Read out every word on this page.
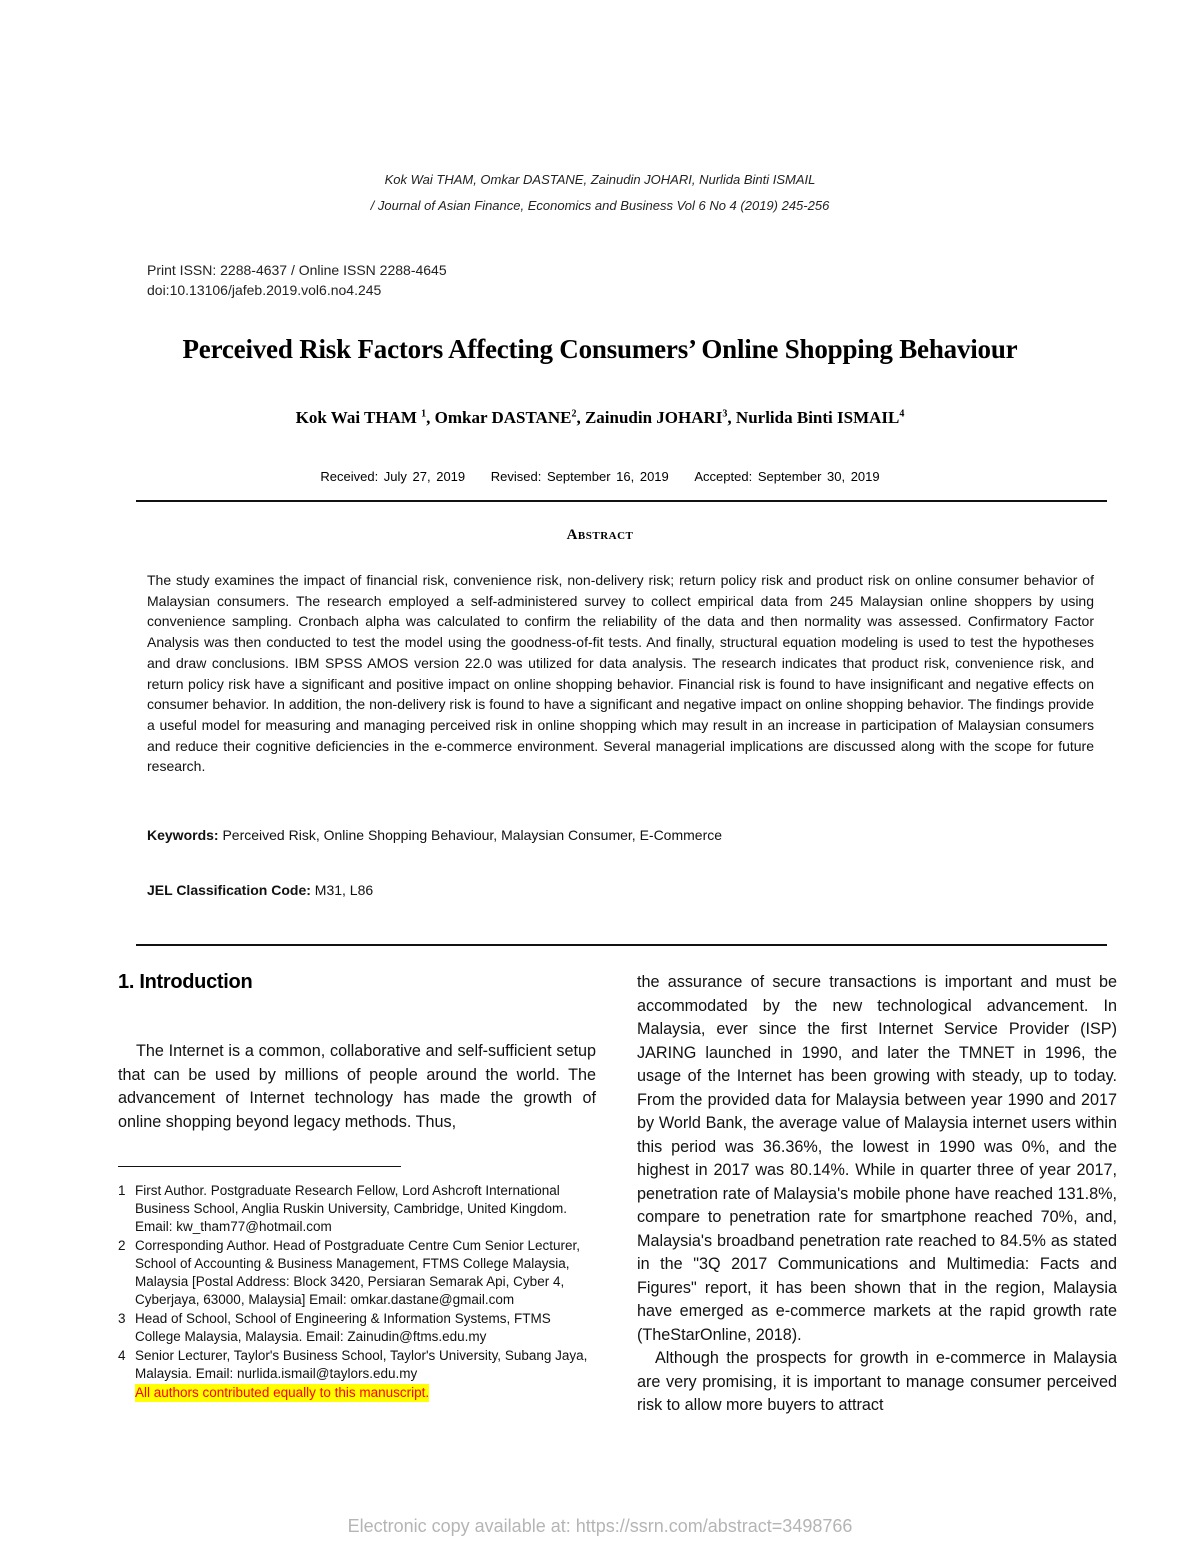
Kok Wai THAM, Omkar DASTANE, Zainudin JOHARI, Nurlida Binti ISMAIL
/ Journal of Asian Finance, Economics and Business Vol 6 No 4 (2019) 245-256
Print ISSN: 2288-4637 / Online ISSN 2288-4645
doi:10.13106/jafeb.2019.vol6.no4.245
Perceived Risk Factors Affecting Consumers’ Online Shopping Behaviour
Kok Wai THAM $^1$, Omkar DASTANE$^2$, Zainudin JOHARI$^3$, Nurlida Binti ISMAIL$^4$
Received: July 27, 2019 Revised: September 16, 2019 Accepted: September 30, 2019
Abstract
The study examines the impact of financial risk, convenience risk, non-delivery risk; return policy risk and product risk on online consumer behavior of Malaysian consumers. The research employed a self-administered survey to collect empirical data from 245 Malaysian online shoppers by using convenience sampling. Cronbach alpha was calculated to confirm the reliability of the data and then normality was assessed. Confirmatory Factor Analysis was then conducted to test the model using the goodness-of-fit tests. And finally, structural equation modeling is used to test the hypotheses and draw conclusions. IBM SPSS AMOS version 22.0 was utilized for data analysis. The research indicates that product risk, convenience risk, and return policy risk have a significant and positive impact on online shopping behavior. Financial risk is found to have insignificant and negative effects on consumer behavior. In addition, the non-delivery risk is found to have a significant and negative impact on online shopping behavior. The findings provide a useful model for measuring and managing perceived risk in online shopping which may result in an increase in participation of Malaysian consumers and reduce their cognitive deficiencies in the e-commerce environment. Several managerial implications are discussed along with the scope for future research.
Keywords: Perceived Risk, Online Shopping Behaviour, Malaysian Consumer, E-Commerce
JEL Classification Code: M31, L86
1. Introduction

The Internet is a common, collaborative and self-sufficient setup that can be used by millions of people around the world. The advancement of Internet technology has made the growth of online shopping beyond legacy methods. Thus,

the assurance of secure transactions is important and must be accommodated by the new technological advancement. In Malaysia, ever since the first Internet Service Provider (ISP) JARING launched in 1990, and later the TMNET in 1996, the usage of the Internet has been growing with steady, up to today. From the provided data for Malaysia between year 1990 and 2017 by World Bank, the average value of Malaysia internet users within this period was 36.36%, the lowest in 1990 was 0%, and the highest in 2017 was 80.14%. While in quarter three of year 2017, penetration rate of Malaysia's mobile phone have reached 131.8%, compare to penetration rate for smartphone reached 70%, and, Malaysia's broadband penetration rate reached to 84.5% as stated in the "3Q 2017 Communications and Multimedia: Facts and Figures" report, it has been shown that in the region, Malaysia have emerged as e-commerce markets at the rapid growth rate (TheStarOnline, 2018).

Although the prospects for growth in e-commerce in Malaysia are very promising, it is important to manage consumer perceived risk to allow more buyers to attract

1 First Author. Postgraduate Research Fellow, Lord Ashcroft International Business School, Anglia Ruskin University, Cambridge, United Kingdom. Email: kw_tham77@hotmail.com
2 Corresponding Author. Head of Postgraduate Centre Cum Senior Lecturer, School of Accounting & Business Management, FTMS College Malaysia, Malaysia [Postal Address: Block 3420, Persiaran Semarak Api, Cyber 4, Cyberjaya, 63000, Malaysia] Email: omkar.dastane@gmail.com
3 Head of School, School of Engineering & Information Systems, FTMS College Malaysia, Malaysia. Email: Zainudin@ftms.edu.my
4 Senior Lecturer, Taylor's Business School, Taylor's University, Subang Jaya, Malaysia. Email: nurlida.ismail@taylors.edu.my
All authors contributed equally to this manuscript.
Electronic copy available at: https://ssrn.com/abstract=3498766
